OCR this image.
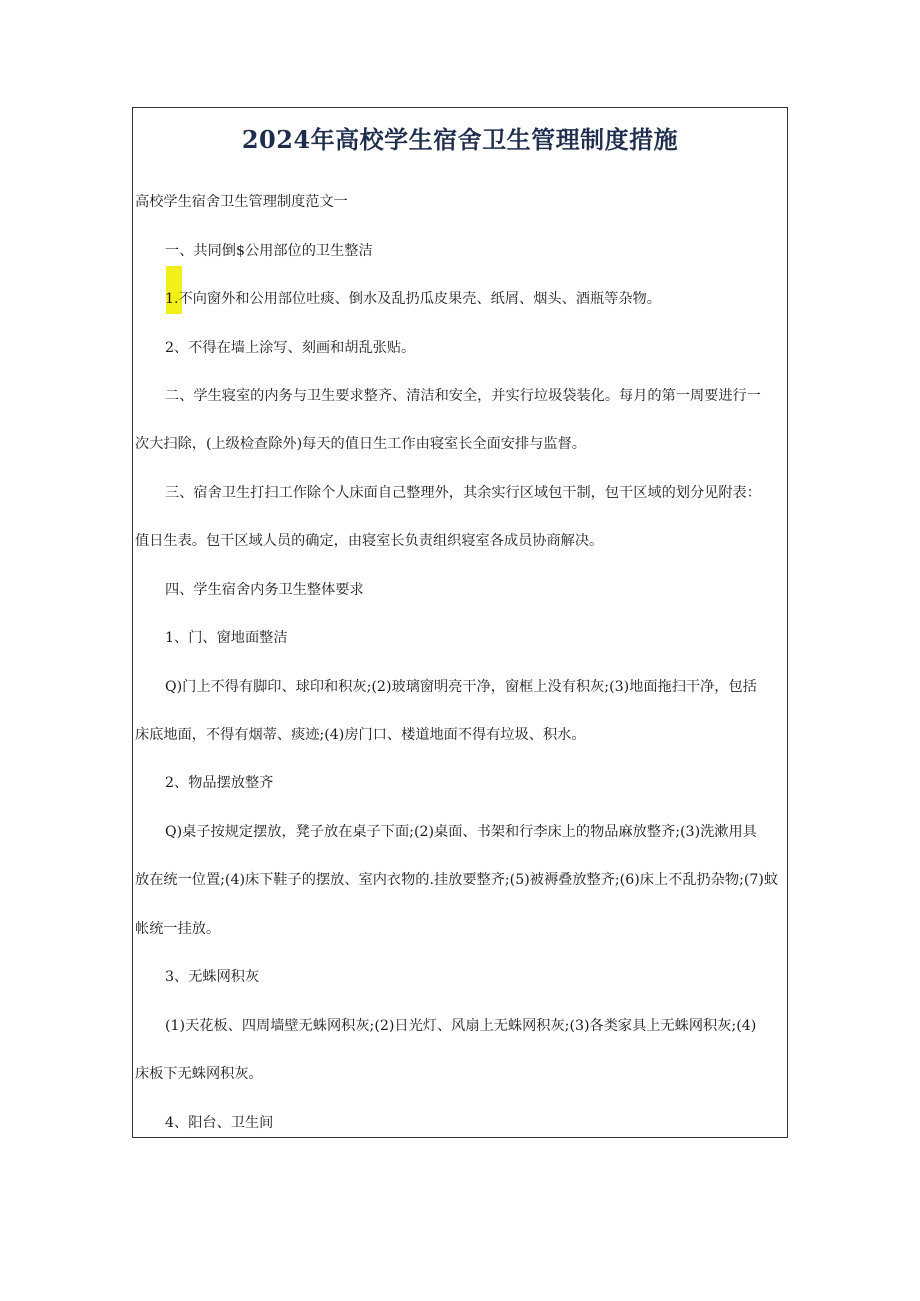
2024年高校学生宿舍卫生管理制度措施
高校学生宿舍卫生管理制度范文一
一、共同倒$公用部位的卫生整洁
1.不向窗外和公用部位吐痰、倒水及乱扔瓜皮果壳、纸屑、烟头、酒瓶等杂物。
2、不得在墙上涂写、刻画和胡乱张贴。
二、学生寝室的内务与卫生要求整齐、清洁和安全，并实行垃圾袋装化。每月的第一周要进行一
次大扫除，(上级检查除外)每天的值日生工作由寝室长全面安排与监督。
三、宿舍卫生打扫工作除个人床面自己整理外，其余实行区域包干制，包干区域的划分见附表：
值日生表。包干区域人员的确定，由寝室长负责组织寝室各成员协商解决。
四、学生宿舍内务卫生整体要求
1、门、窗地面整洁
Q)门上不得有脚印、球印和积灰;(2)玻璃窗明亮干净，窗框上没有积灰;(3)地面拖扫干净，包括
床底地面，不得有烟蒂、痰迹;(4)房门口、楼道地面不得有垃圾、积水。
2、物品摆放整齐
Q)桌子按规定摆放，凳子放在桌子下面;(2)桌面、书架和行李床上的物品麻放整齐;(3)洗漱用具
放在统一位置;(4)床下鞋子的摆放、室内衣物的.挂放要整齐;(5)被褥叠放整齐;(6)床上不乱扔杂物;(7)蚊
帐统一挂放。
3、无蛛网积灰
(1)天花板、四周墙壁无蛛网积灰;(2)日光灯、风扇上无蛛网积灰;(3)各类家具上无蛛网积灰;(4)
床板下无蛛网积灰。
4、阳台、卫生间
